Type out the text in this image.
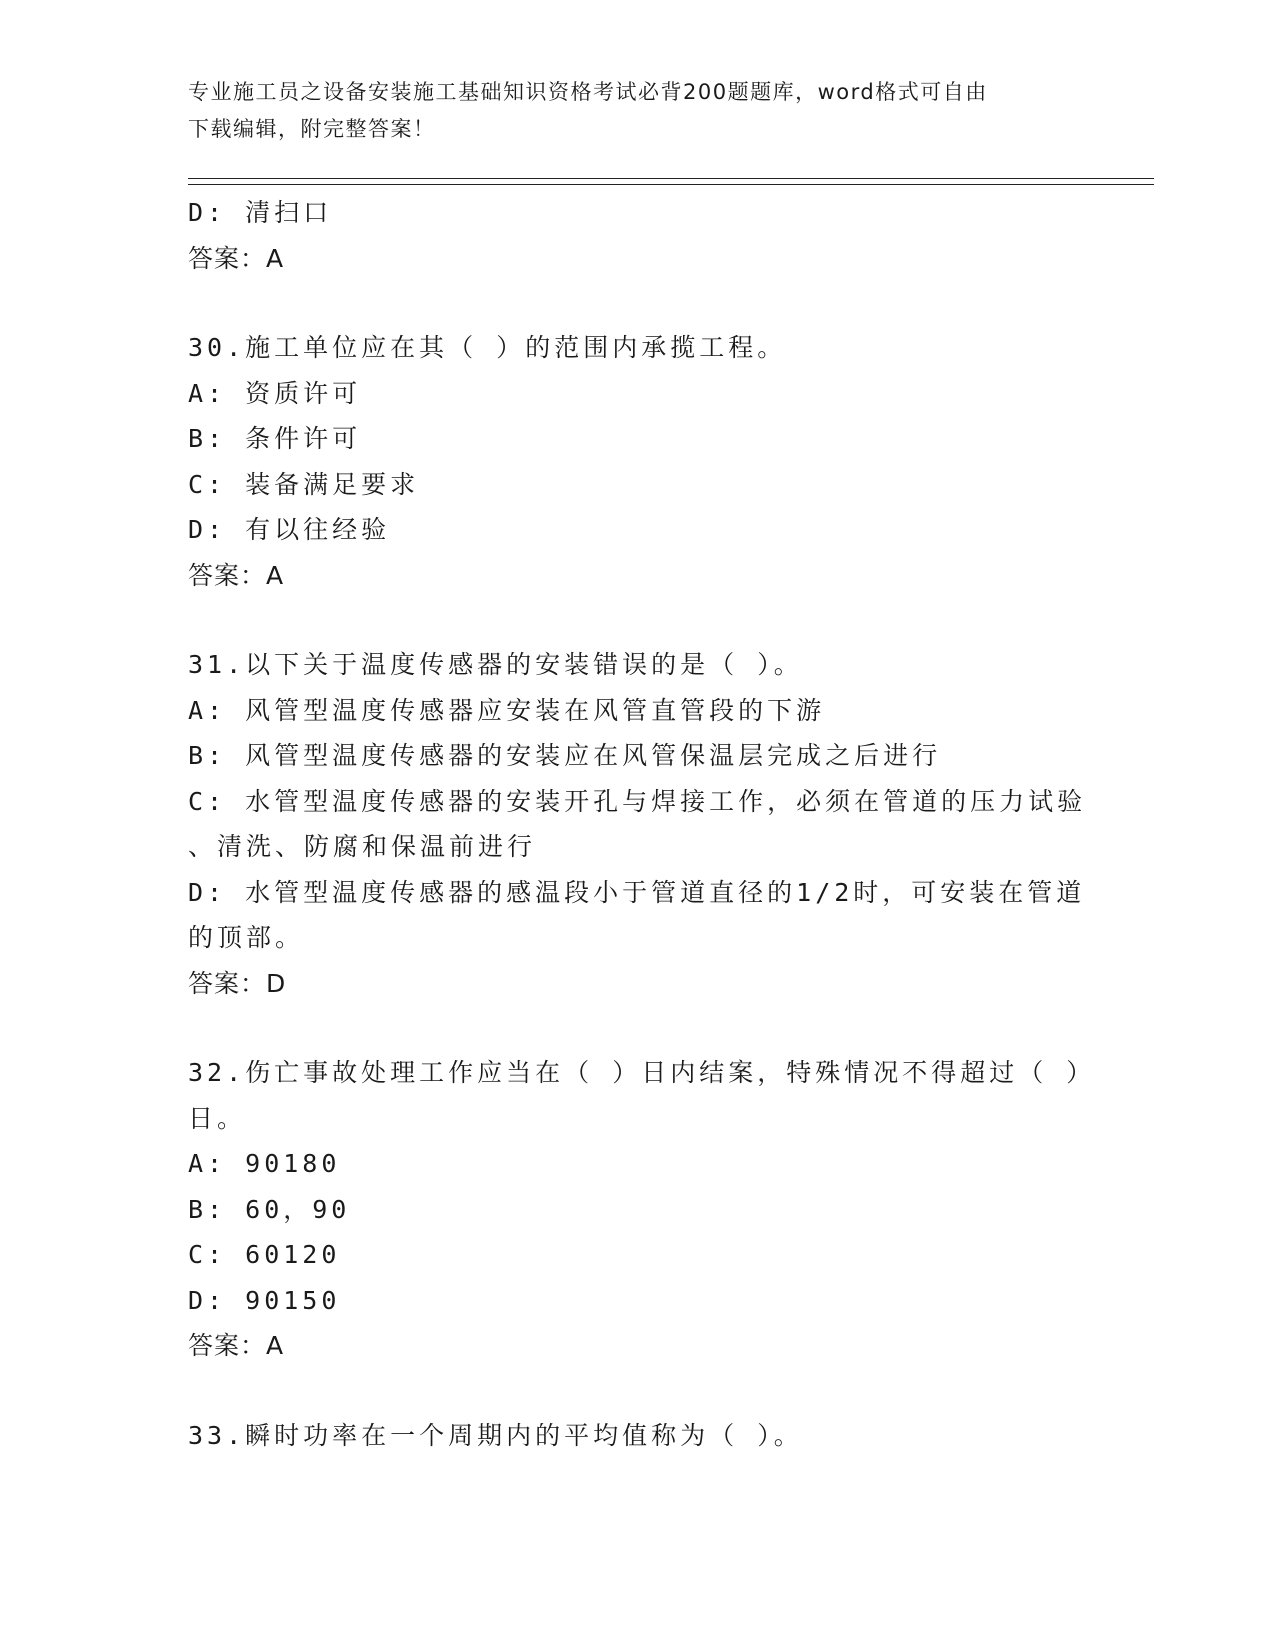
专业施工员之设备安装施工基础知识资格考试必背200题题库，word格式可自由
下载编辑，附完整答案！
D: 清扫口
答案：A
30.施工单位应在其（ ）的范围内承揽工程。
A: 资质许可
B: 条件许可
C: 装备满足要求
D: 有以往经验
答案：A
31.以下关于温度传感器的安装错误的是（ ）。
A: 风管型温度传感器应安装在风管直管段的下游
B: 风管型温度传感器的安装应在风管保温层完成之后进行
C: 水管型温度传感器的安装开孔与焊接工作，必须在管道的压力试验
、清洗、防腐和保温前进行
D: 水管型温度传感器的感温段小于管道直径的1/2时，可安装在管道
的顶部。
答案：D
32.伤亡事故处理工作应当在（ ）日内结案，特殊情况不得超过（ ）
日。
A: 90180
B: 60，90
C: 60120
D: 90150
答案：A
33.瞬时功率在一个周期内的平均值称为（ ）。
